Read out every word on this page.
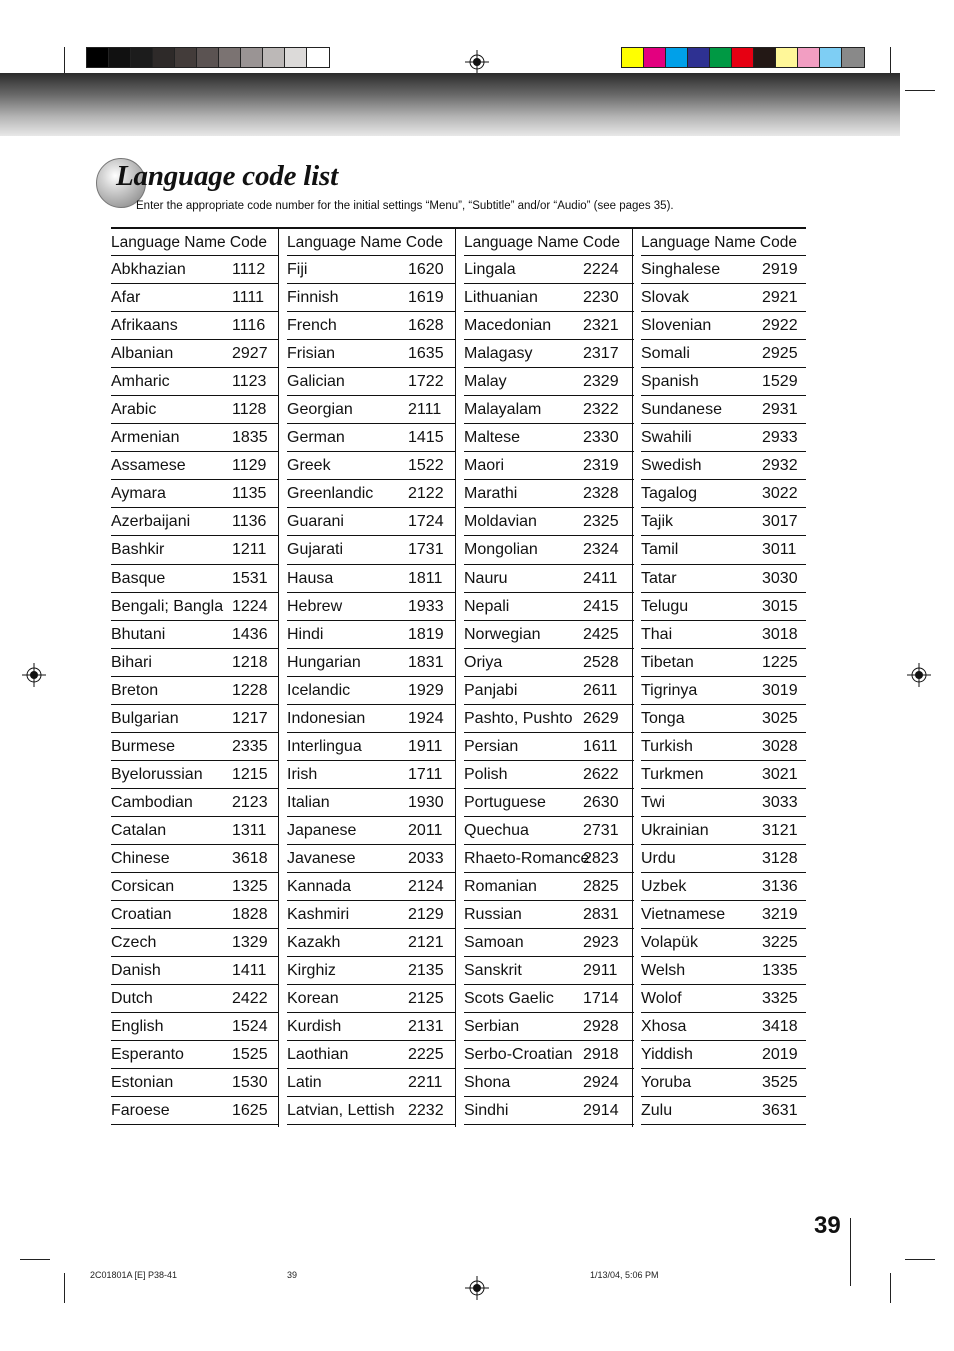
Language code list
Enter the appropriate code number for the initial settings “Menu”, “Subtitle” and/or “Audio” (see pages 35).
Language Name Code
Abkhazian	1112
Afar	1111
Afrikaans	1116
Albanian	2927
Amharic	1123
Arabic	1128
Armenian	1835
Assamese	1129
Aymara	1135
Azerbaijani	1136
Bashkir	1211
Basque	1531
Bengali; Bangla 1224
Bhutani	1436
Bihari	1218
Breton	1228
Bulgarian	1217
Burmese	2335
Byelorussian 1215
Cambodian 2123
Catalan	1311
Chinese	3618
Corsican	1325
Croatian	1828
Czech	1329
Danish	1411
Dutch	2422
English	1524
Esperanto	1525
Estonian	1530
Faroese	1625
Language Name Code
Fiji	1620
Finnish	1619
French	1628
Frisian	1635
Galician	1722
Georgian	2111
German	1415
Greek	1522
Greenlandic 2122
Guarani	1724
Gujarati	1731
Hausa	1811
Hebrew	1933
Hindi	1819
Hungarian	1831
Icelandic	1929
Indonesian	1924
Interlingua	1911
Irish	1711
Italian	1930
Japanese	2011
Javanese	2033
Kannada	2124
Kashmiri	2129
Kazakh	2121
Kirghiz	2135
Korean	2125
Kurdish	2131
Laothian	2225
Latin	2211
Latvian, Lettish 2232
Language Name Code
Lingala	2224
Lithuanian	2230
Macedonian 2321
Malagasy	2317
Malay	2329
Malayalam	2322
Maltese	2330
Maori	2319
Marathi	2328
Moldavian	2325
Mongolian	2324
Nauru	2411
Nepali	2415
Norwegian	2425
Oriya	2528
Panjabi	2611
Pashto, Pushto 2629
Persian	1611
Polish	2622
Portuguese 2630
Quechua	2731
Rhaeto-Romance
2823
Romanian	2825
Russian	2831
Samoan	2923
Sanskrit	2911
Scots Gaelic 1714
Serbian	2928
Serbo-Croatian 2918
Shona	2924
Sindhi	2914
Language Name Code
Singhalese	2919
Slovak	2921
Slovenian	2922
Somali	2925
Spanish	1529
Sundanese	2931
Swahili	2933
Swedish	2932
Tagalog	3022
Tajik	3017
Tamil	3011
Tatar	3030
Telugu	3015
Thai	3018
Tibetan	1225
Tigrinya	3019
Tonga	3025
Turkish	3028
Turkmen	3021
Twi	3033
Ukrainian	3121
Urdu	3128
Uzbek	3136
Vietnamese 3219
Volapük	3225
Welsh	1335
Wolof	3325
Xhosa	3418
Yiddish	2019
Yoruba	3525
Zulu	3631
39
2C01801A [E] P38-41	39	1/13/04, 5:06 PM
